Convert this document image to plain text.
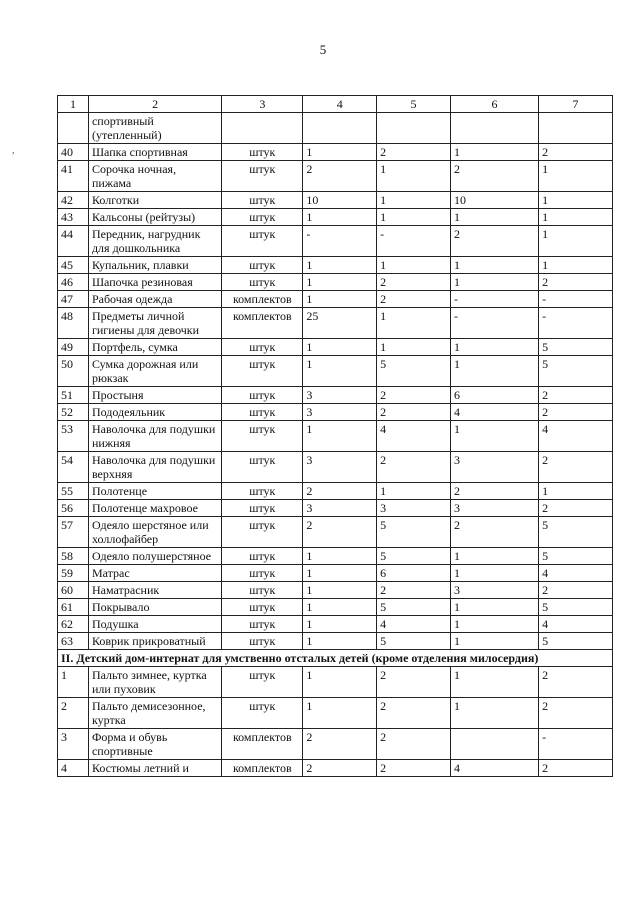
5
,
1	2	3	4	5	6	7
	спортивный (утепленный)					
40	Шапка спортивная	штук	1	2	1	2
41	Сорочка ночная, пижама	штук	2	1	2	1
42	Колготки	штук	10	1	10	1
43	Кальсоны (рейтузы)	штук	1	1	1	1
44	Передник, нагрудник для дошкольника	штук	-	-	2	1
45	Купальник, плавки	штук	1	1	1	1
46	Шапочка резиновая	штук	1	2	1	2
47	Рабочая одежда	комплектов	1	2	-	-
48	Предметы личной гигиены для девочки	комплектов	25	1	-	-
49	Портфель, сумка	штук	1	1	1	5
50	Сумка дорожная или рюкзак	штук	1	5	1	5
51	Простыня	штук	3	2	6	2
52	Пододеяльник	штук	3	2	4	2
53	Наволочка для подушки нижняя	штук	1	4	1	4
54	Наволочка для подушки верхняя	штук	3	2	3	2
55	Полотенце	штук	2	1	2	1
56	Полотенце махровое	штук	3	3	3	2
57	Одеяло шерстяное или холлофайбер	штук	2	5	2	5
58	Одеяло полушерстяное	штук	1	5	1	5
59	Матрас	штук	1	6	1	4
60	Наматрасник	штук	1	2	3	2
61	Покрывало	штук	1	5	1	5
62	Подушка	штук	1	4	1	4
63	Коврик прикроватный	штук	1	5	1	5
II. Детский дом-интернат для умственно отсталых детей (кроме отделения милосердия)						
1	Пальто зимнее, куртка или пуховик	штук	1	2	1	2
2	Пальто демисезонное, куртка	штук	1	2	1	2
3	Форма и обувь спортивные	комплектов	2	2		-
4	Костюмы летний и	комплектов	2	2	4	2
